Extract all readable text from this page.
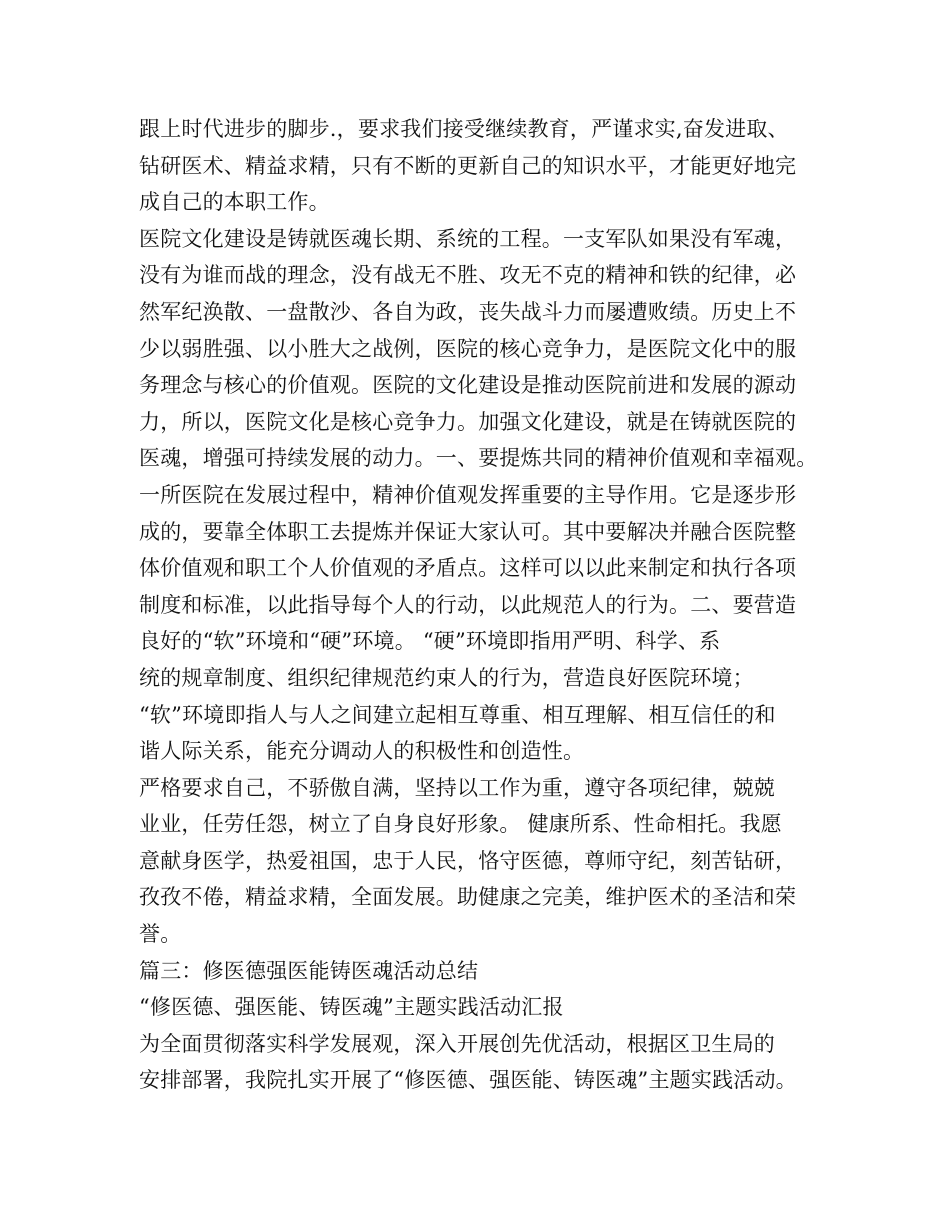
跟上时代进步的脚步.，要求我们接受继续教育，严谨求实,奋发进取、
钻研医术、精益求精，只有不断的更新自己的知识水平，才能更好地完
成自己的本职工作。
医院文化建设是铸就医魂长期、系统的工程。一支军队如果没有军魂，
没有为谁而战的理念，没有战无不胜、攻无不克的精神和铁的纪律，必
然军纪涣散、一盘散沙、各自为政，丧失战斗力而屡遭败绩。历史上不
少以弱胜强、以小胜大之战例，医院的核心竞争力，是医院文化中的服
务理念与核心的价值观。医院的文化建设是推动医院前进和发展的源动
力，所以，医院文化是核心竞争力。加强文化建设，就是在铸就医院的
医魂，增强可持续发展的动力。一、要提炼共同的精神价值观和幸福观。
一所医院在发展过程中，精神价值观发挥重要的主导作用。它是逐步形
成的，要靠全体职工去提炼并保证大家认可。其中要解决并融合医院整
体价值观和职工个人价值观的矛盾点。这样可以以此来制定和执行各项
制度和标准，以此指导每个人的行动，以此规范人的行为。二、要营造
良好的“软”环境和“硬”环境。 “硬”环境即指用严明、科学、系
统的规章制度、组织纪律规范约束人的行为，营造良好医院环境；
“软”环境即指人与人之间建立起相互尊重、相互理解、相互信任的和
谐人际关系，能充分调动人的积极性和创造性。
严格要求自己，不骄傲自满，坚持以工作为重，遵守各项纪律，兢兢
业业，任劳任怨，树立了自身良好形象。 健康所系、性命相托。我愿
意献身医学，热爱祖国，忠于人民，恪守医德，尊师守纪，刻苦钻研，
孜孜不倦，精益求精，全面发展。助健康之完美，维护医术的圣洁和荣
誉。
篇三：修医德强医能铸医魂活动总结
“修医德、强医能、铸医魂”主题实践活动汇报
为全面贯彻落实科学发展观，深入开展创先优活动，根据区卫生局的
安排部署，我院扎实开展了“修医德、强医能、铸医魂”主题实践活动。
